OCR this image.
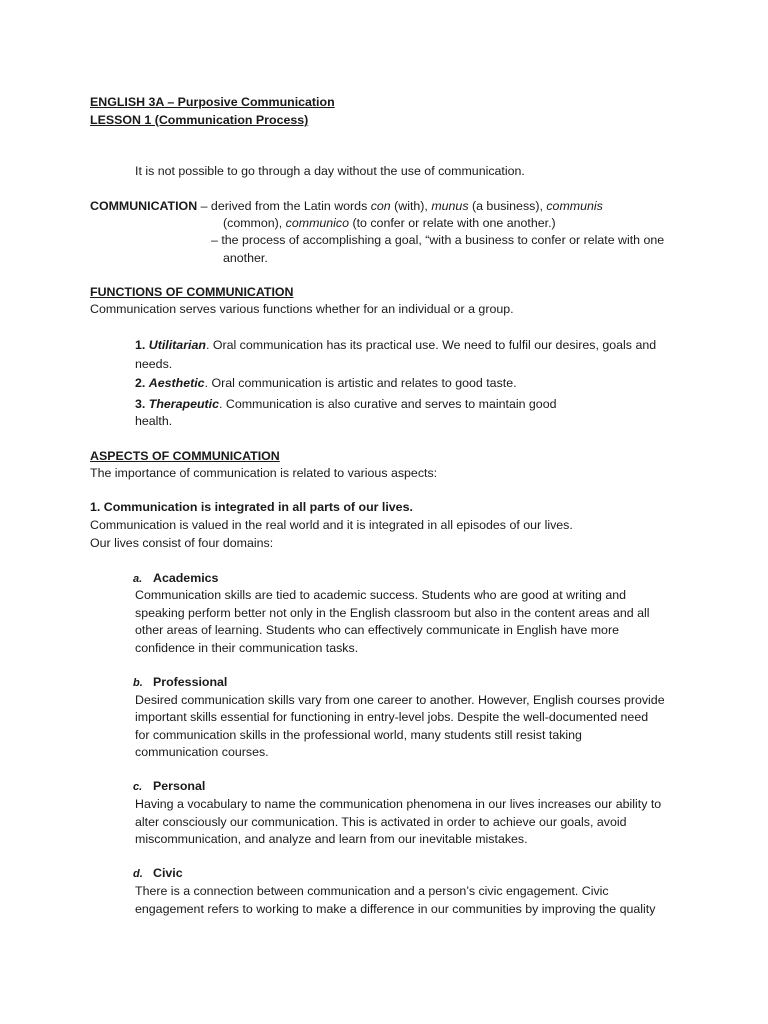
ENGLISH 3A – Purposive Communication
LESSON 1 (Communication Process)
It is not possible to go through a day without the use of communication.
COMMUNICATION – derived from the Latin words con (with), munus (a business), communis
(common), communico (to confer or relate with one another.)
– the process of accomplishing a goal, “with a business to confer or relate with one
another.
FUNCTIONS OF COMMUNICATION
Communication serves various functions whether for an individual or a group.
1. Utilitarian. Oral communication has its practical use. We need to fulfil our desires, goals and
needs.
2. Aesthetic. Oral communication is artistic and relates to good taste.
3. Therapeutic. Communication is also curative and serves to maintain good
health.
ASPECTS OF COMMUNICATION
The importance of communication is related to various aspects:
1. Communication is integrated in all parts of our lives.
Communication is valued in the real world and it is integrated in all episodes of our lives.
Our lives consist of four domains:
a. Academics
Communication skills are tied to academic success. Students who are good at writing and
speaking perform better not only in the English classroom but also in the content areas and all
other areas of learning. Students who can effectively communicate in English have more
confidence in their communication tasks.
b. Professional
Desired communication skills vary from one career to another. However, English courses provide
important skills essential for functioning in entry-level jobs. Despite the well-documented need
for communication skills in the professional world, many students still resist taking
communication courses.
c. Personal
Having a vocabulary to name the communication phenomena in our lives increases our ability to
alter consciously our communication. This is activated in order to achieve our goals, avoid
miscommunication, and analyze and learn from our inevitable mistakes.
d. Civic
There is a connection between communication and a person’s civic engagement. Civic
engagement refers to working to make a difference in our communities by improving the quality
